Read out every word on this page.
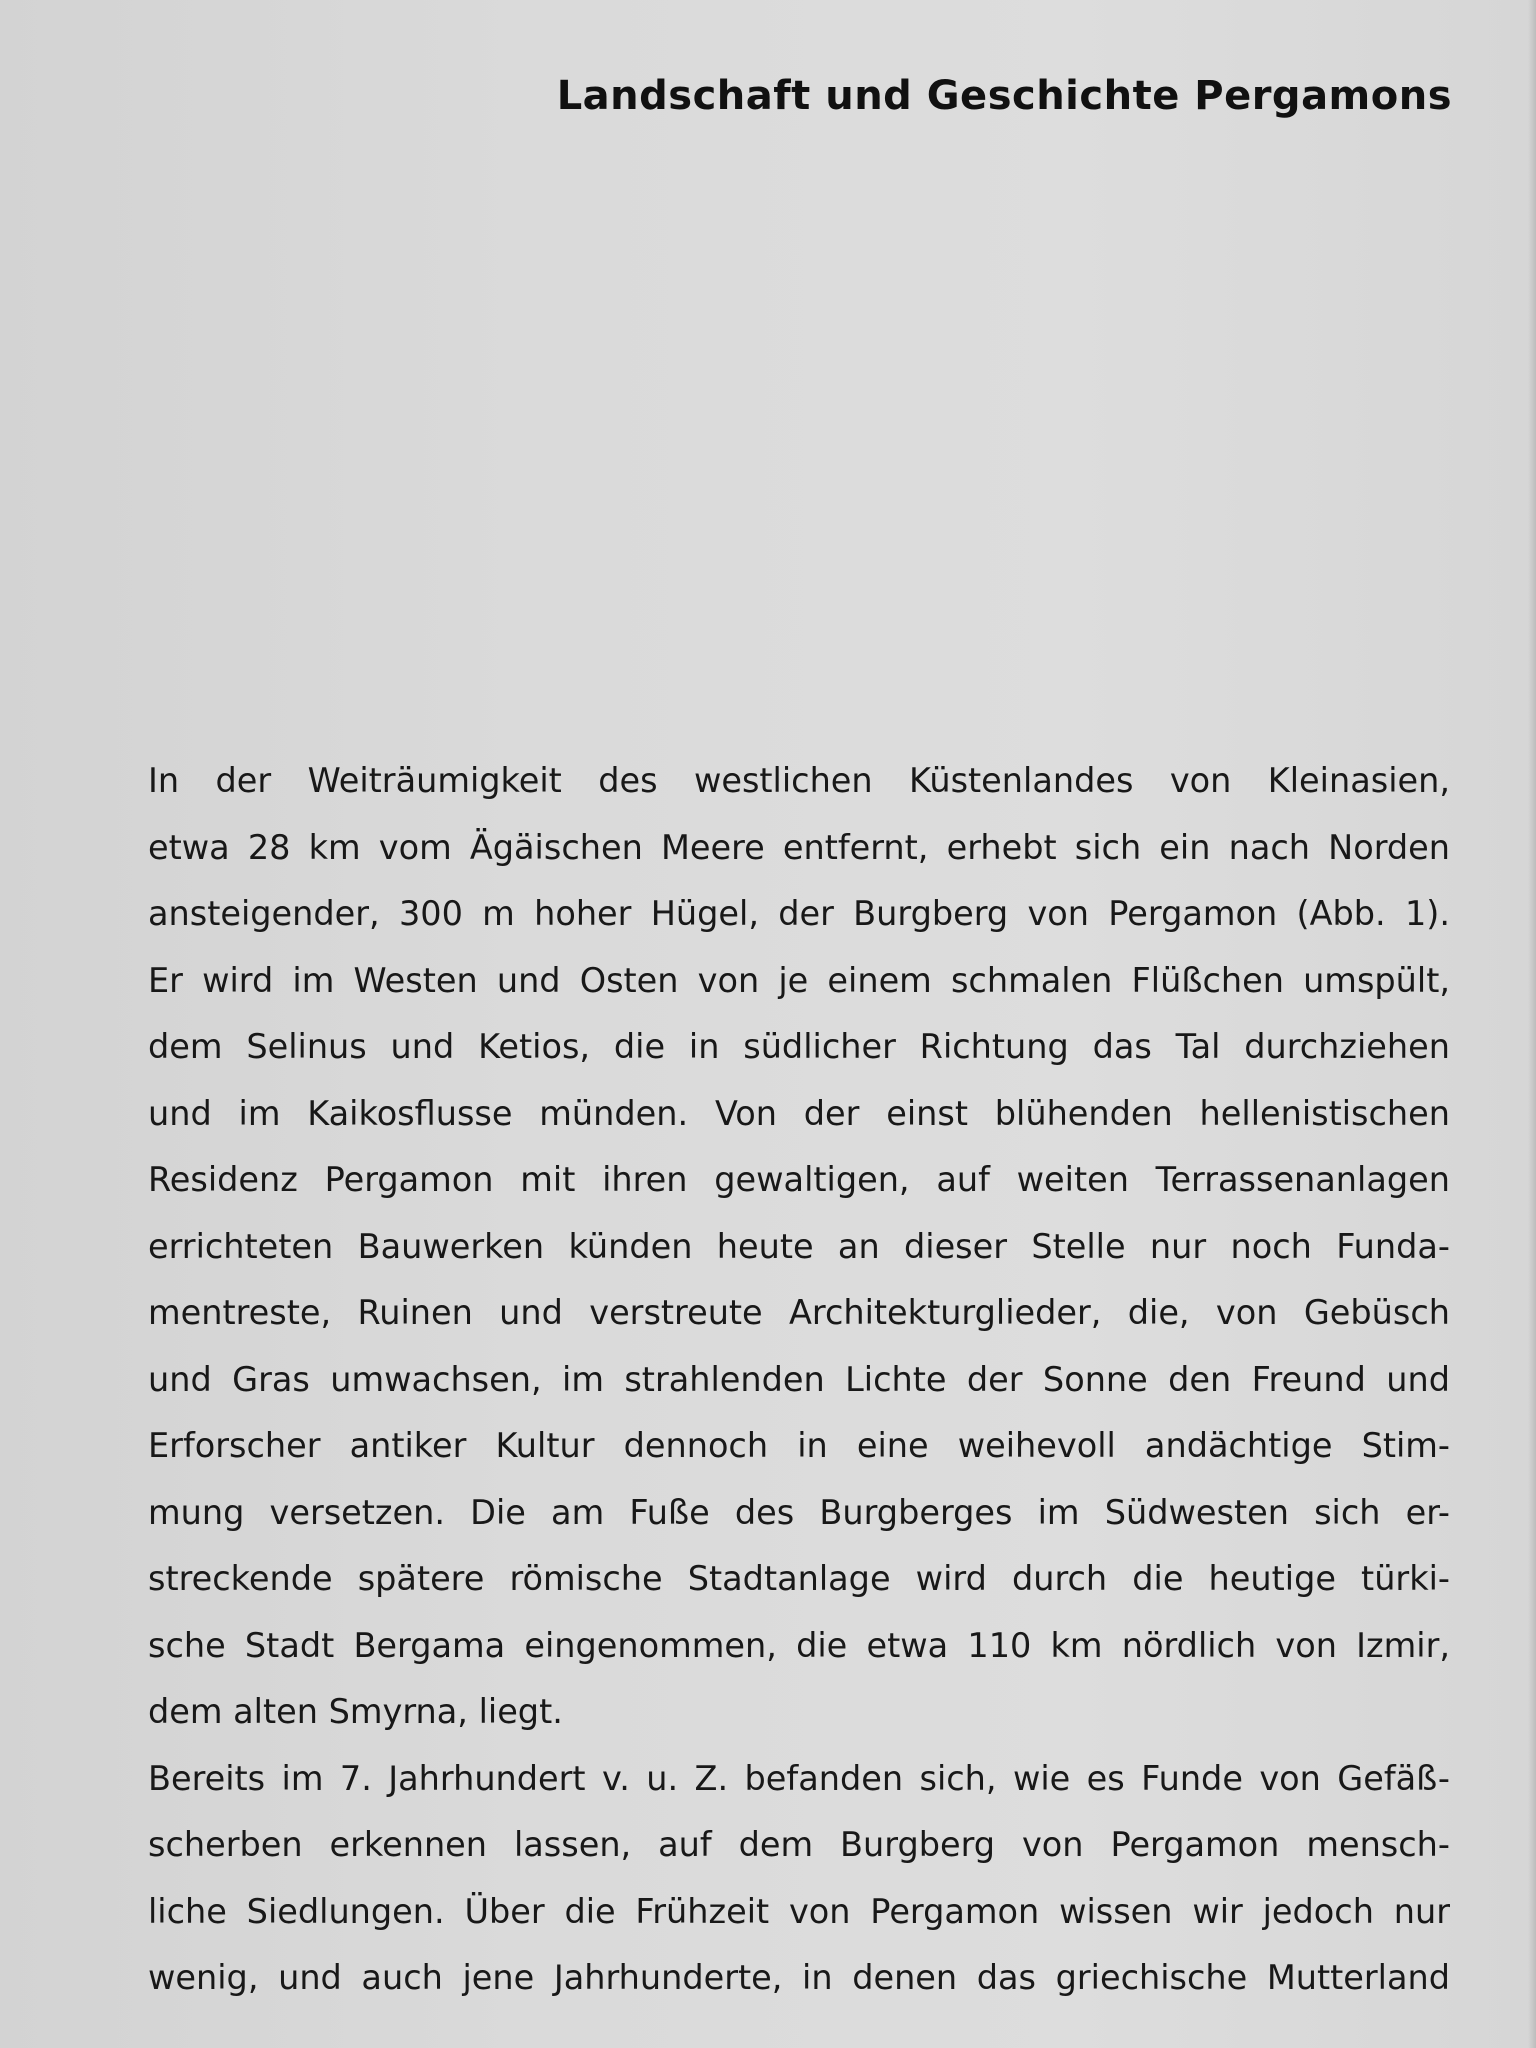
Landschaft und Geschichte Pergamons
In der Weiträumigkeit des westlichen Küstenlandes von Kleinasien,
etwa 28 km vom Ägäischen Meere entfernt, erhebt sich ein nach Norden
ansteigender, 300 m hoher Hügel, der Burgberg von Pergamon (Abb. 1).
Er wird im Westen und Osten von je einem schmalen Flüßchen umspült,
dem Selinus und Ketios, die in südlicher Richtung das Tal durchziehen
und im Kaikosflusse münden. Von der einst blühenden hellenistischen
Residenz Pergamon mit ihren gewaltigen, auf weiten Terrassenanlagen
errichteten Bauwerken künden heute an dieser Stelle nur noch Funda-
mentreste, Ruinen und verstreute Architekturglieder, die, von Gebüsch
und Gras umwachsen, im strahlenden Lichte der Sonne den Freund und
Erforscher antiker Kultur dennoch in eine weihevoll andächtige Stim-
mung versetzen. Die am Fuße des Burgberges im Südwesten sich er-
streckende spätere römische Stadtanlage wird durch die heutige türki-
sche Stadt Bergama eingenommen, die etwa 110 km nördlich von Izmir,
dem alten Smyrna, liegt.
Bereits im 7. Jahrhundert v. u. Z. befanden sich, wie es Funde von Gefäß-
scherben erkennen lassen, auf dem Burgberg von Pergamon mensch-
liche Siedlungen. Über die Frühzeit von Pergamon wissen wir jedoch nur
wenig, und auch jene Jahrhunderte, in denen das griechische Mutterland
